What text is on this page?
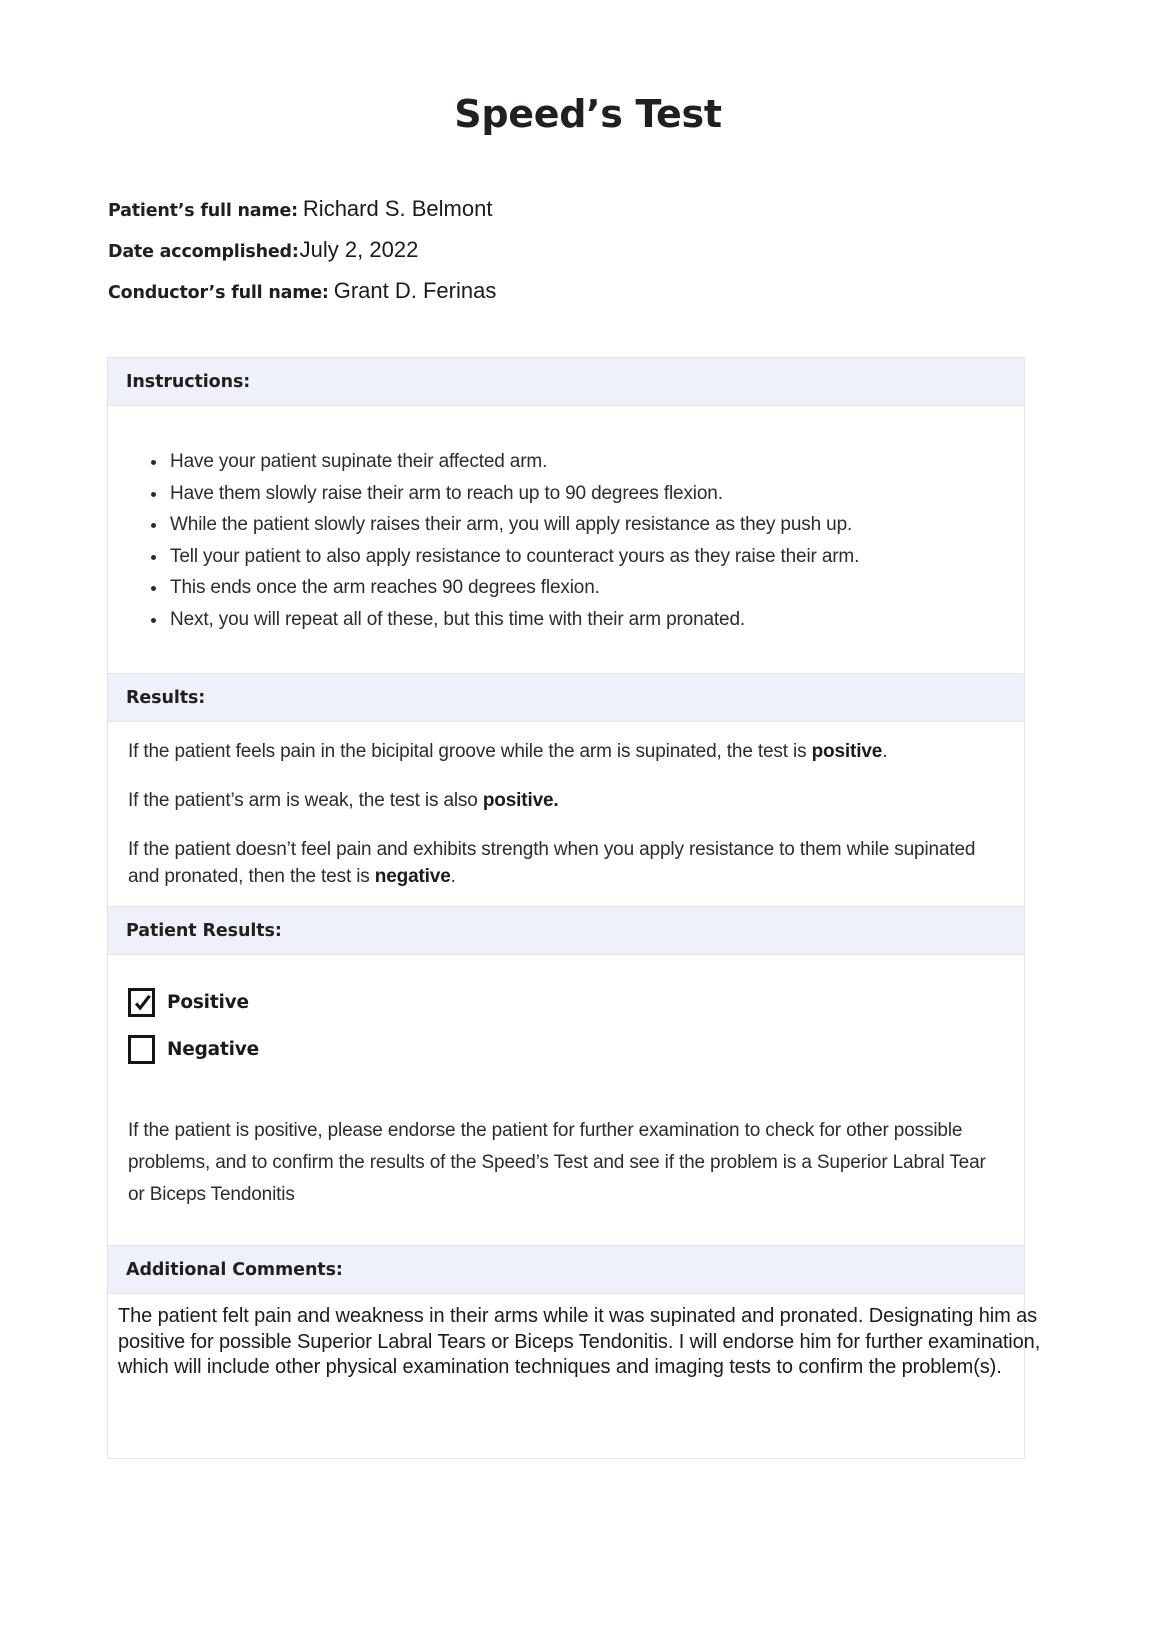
Speed’s Test
Patient’s full name: Richard S. Belmont
Date accomplished: July 2, 2022
Conductor’s full name: Grant D. Ferinas
Instructions:
Have your patient supinate their affected arm.
Have them slowly raise their arm to reach up to 90 degrees flexion.
While the patient slowly raises their arm, you will apply resistance as they push up.
Tell your patient to also apply resistance to counteract yours as they raise their arm.
This ends once the arm reaches 90 degrees flexion.
Next, you will repeat all of these, but this time with their arm pronated.
Results:

If the patient feels pain in the bicipital groove while the arm is supinated, the test is positive.

If the patient’s arm is weak, the test is also positive.

If the patient doesn’t feel pain and exhibits strength when you apply resistance to them while supinated and pronated, then the test is negative.

Patient Results:
Positive
Negative
If the patient is positive, please endorse the patient for further examination to check for other possible problems, and to confirm the results of the Speed’s Test and see if the problem is a Superior Labral Tear or Biceps Tendonitis
Additional Comments:
The patient felt pain and weakness in their arms while it was supinated and pronated. Designating him as positive for possible Superior Labral Tears or Biceps Tendonitis. I will endorse him for further examination, which will include other physical examination techniques and imaging tests to confirm the problem(s).
